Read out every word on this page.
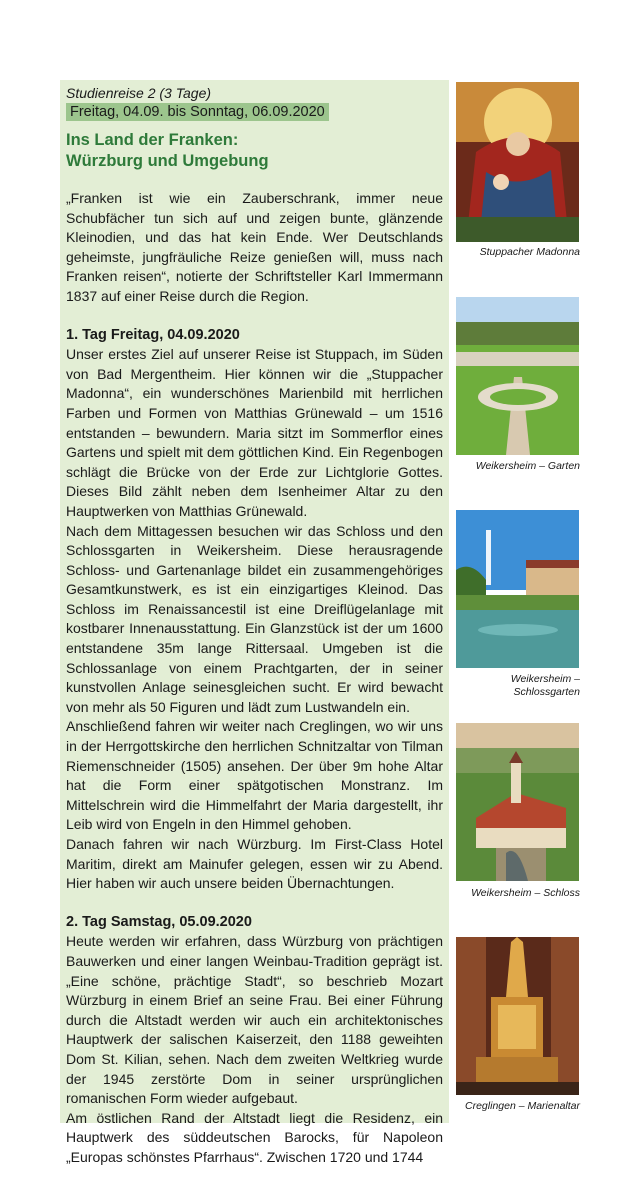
Studienreise 2 (3 Tage)
Freitag, 04.09. bis Sonntag, 06.09.2020
Ins Land der Franken:
Würzburg und Umgebung

„Franken ist wie ein Zauberschrank, immer neue Schubfächer tun sich auf und zeigen bunte, glänzende Kleinodien, und das hat kein Ende. Wer Deutschlands geheimste, jungfräuliche Reize genießen will, muss nach Franken reisen“, notierte der Schriftsteller Karl Immermann 1837 auf einer Reise durch die Region.

1. Tag Freitag, 04.09.2020

Unser erstes Ziel auf unserer Reise ist Stuppach, im Süden von Bad Mergentheim. Hier können wir die „Stuppacher Madonna“, ein wunderschönes Marienbild mit herrlichen Farben und Formen von Matthias Grünewald – um 1516 entstanden – bewundern. Maria sitzt im Sommerflor eines Gartens und spielt mit dem göttlichen Kind. Ein Regenbogen schlägt die Brücke von der Erde zur Lichtglorie Gottes. Dieses Bild zählt neben dem Isenheimer Altar zu den Hauptwerken von Matthias Grünewald.

Nach dem Mittagessen besuchen wir das Schloss und den Schlossgarten in Weikersheim. Diese herausragende Schloss- und Gartenanlage bildet ein zusammengehöriges Gesamtkunstwerk, es ist ein einzigartiges Kleinod. Das Schloss im Renaissancestil ist eine Dreiflügelanlage mit kostbarer Innenausstattung. Ein Glanzstück ist der um 1600 entstandene 35m lange Rittersaal. Umgeben ist die Schlossanlage von einem Prachtgarten, der in seiner kunstvollen Anlage seinesgleichen sucht. Er wird bewacht von mehr als 50 Figuren und lädt zum Lustwandeln ein.

Anschließend fahren wir weiter nach Creglingen, wo wir uns in der Herrgottskirche den herrlichen Schnitzaltar von Tilman Riemenschneider (1505) ansehen. Der über 9m hohe Altar hat die Form einer spätgotischen Monstranz. Im Mittelschrein wird die Himmelfahrt der Maria dargestellt, ihr Leib wird von Engeln in den Himmel gehoben.

Danach fahren wir nach Würzburg. Im First-Class Hotel Maritim, direkt am Mainufer gelegen, essen wir zu Abend. Hier haben wir auch unsere beiden Übernachtungen.

2. Tag Samstag, 05.09.2020

Heute werden wir erfahren, dass Würzburg von prächtigen Bauwerken und einer langen Weinbau-Tradition geprägt ist. „Eine schöne, prächtige Stadt“, so beschrieb Mozart Würzburg in einem Brief an seine Frau. Bei einer Führung durch die Altstadt werden wir auch ein architektonisches Hauptwerk der salischen Kaiserzeit, den 1188 geweihten Dom St. Kilian, sehen. Nach dem zweiten Weltkrieg wurde der 1945 zerstörte Dom in seiner ursprünglichen romanischen Form wieder aufgebaut.

Am östlichen Rand der Altstadt liegt die Residenz, ein Hauptwerk des süddeutschen Barocks, für Napoleon „Europas schönstes Pfarrhaus“. Zwischen 1720 und 1744

Stuppacher Madonna
Weikersheim – Garten
Weikersheim –
Schlossgarten
Weikersheim – Schloss
Creglingen – Marienaltar
